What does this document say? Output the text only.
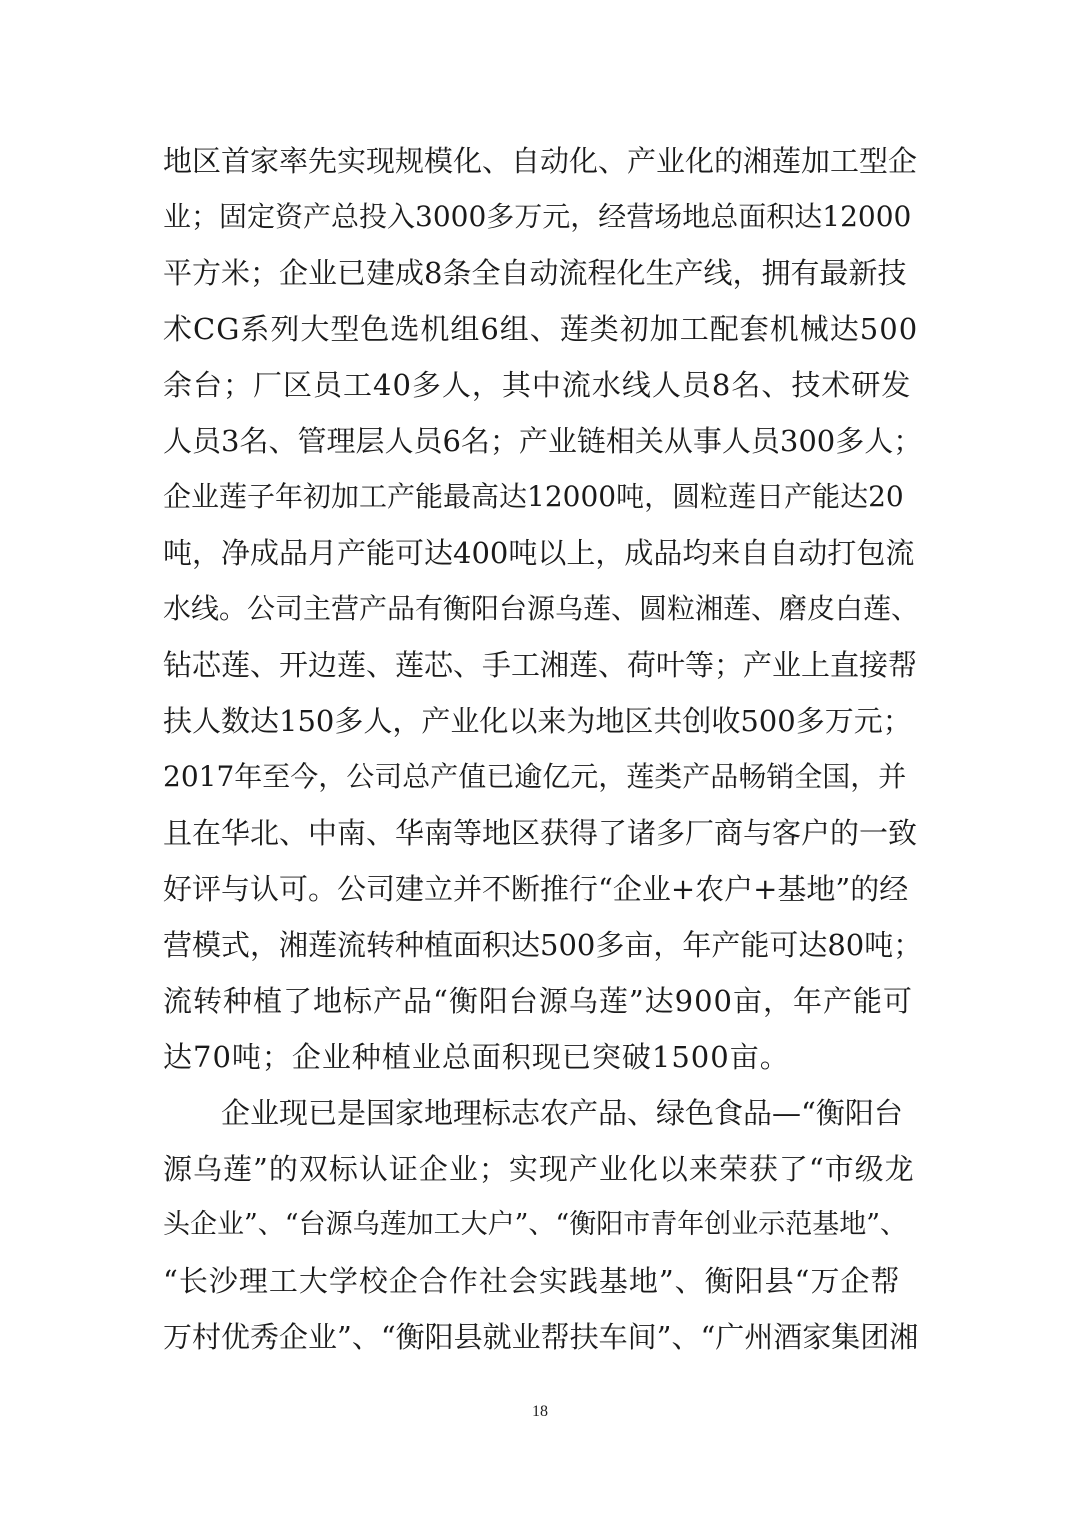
地区首家率先实现规模化、自动化、产业化的湘莲加工型企
业；固定资产总投入3000多万元，经营场地总面积达12000
平方米；企业已建成8条全自动流程化生产线，拥有最新技
术CG系列大型色选机组6组、莲类初加工配套机械达500
余台；厂区员工40多人，其中流水线人员8名、技术研发
人员3名、管理层人员6名；产业链相关从事人员300多人；
企业莲子年初加工产能最高达12000吨，圆粒莲日产能达20
吨，净成品月产能可达400吨以上，成品均来自自动打包流
水线。公司主营产品有衡阳台源乌莲、圆粒湘莲、磨皮白莲、
钻芯莲、开边莲、莲芯、手工湘莲、荷叶等；产业上直接帮
扶人数达150多人，产业化以来为地区共创收500多万元；
2017年至今，公司总产值已逾亿元，莲类产品畅销全国，并
且在华北、中南、华南等地区获得了诸多厂商与客户的一致
好评与认可。公司建立并不断推行“企业+农户+基地”的经
营模式，湘莲流转种植面积达500多亩，年产能可达80吨；
流转种植了地标产品“衡阳台源乌莲”达900亩，年产能可
达70吨；企业种植业总面积现已突破1500亩。
企业现已是国家地理标志农产品、绿色食品—“衡阳台
源乌莲”的双标认证企业；实现产业化以来荣获了“市级龙
头企业”、“台源乌莲加工大户”、“衡阳市青年创业示范基地”、
“长沙理工大学校企合作社会实践基地”、衡阳县“万企帮
万村优秀企业”、“衡阳县就业帮扶车间”、“广州酒家集团湘
18
